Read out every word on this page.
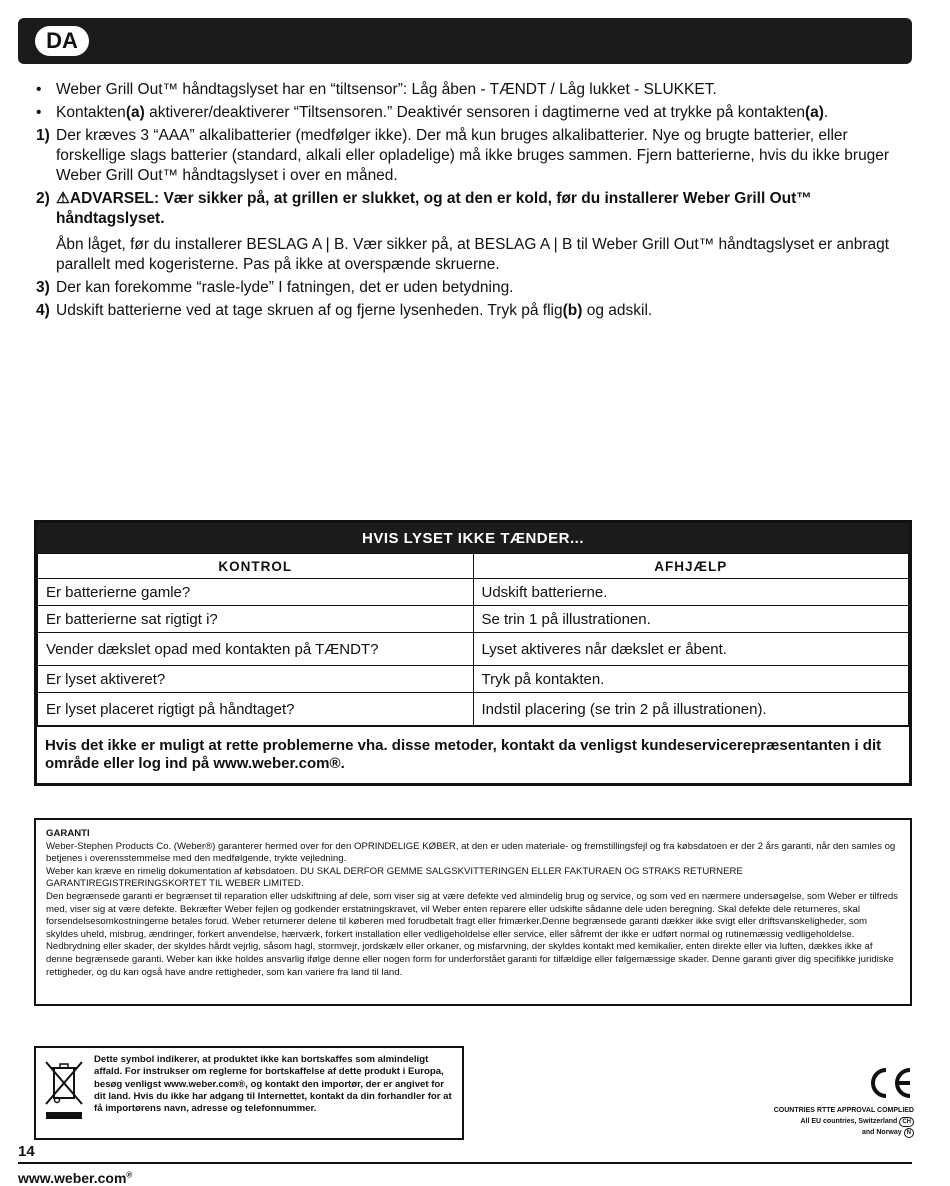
DA
• Weber Grill Out™ håndtagslyset har en “tiltsensor”: Låg åben - TÆNDT / Låg lukket - SLUKKET.
• Kontakten(a) aktiverer/deaktiverer “Tiltsensoren.” Deaktivér sensoren i dagtimerne ved at trykke på kontakten(a).
1) Der kræves 3 “AAA” alkalibatterier (medfølger ikke). Der må kun bruges alkalibatterier. Nye og brugte batterier, eller forskellige slags batterier (standard, alkali eller opladelige) må ikke bruges sammen. Fjern batterierne, hvis du ikke bruger Weber Grill Out™ håndtagslyset i over en måned.
2) ⚠ADVARSEL: Vær sikker på, at grillen er slukket, og at den er kold, før du installerer Weber Grill Out™ håndtagslyset.
Åbn låget, før du installerer BESLAG A | B. Vær sikker på, at BESLAG A | B til Weber Grill Out™ håndtagslyset er anbragt parallelt med kogeristerne. Pas på ikke at overspænde skruerne.
3) Der kan forekomme “rasle-lyde” I fatningen, det er uden betydning.
4) Udskift batterierne ved at tage skruen af og fjerne lysenheden. Tryk på flig(b) og adskil.
HVIS LYSET IKKE TÆNDER...
KONTROL	AFHJÆLP
Er batterierne gamle?	Udskift batterierne.
Er batterierne sat rigtigt i?	Se trin 1 på illustrationen.
Vender dækslet opad med kontakten på TÆNDT?	Lyset aktiveres når dækslet er åbent.
Er lyset aktiveret?	Tryk på kontakten.
Er lyset placeret rigtigt på håndtaget?	Indstil placering (se trin 2 på illustrationen).
Hvis det ikke er muligt at rette problemerne vha. disse metoder, kontakt da venligst kundeservicerepræsentanten i dit område eller log ind på www.weber.com®.
GARANTI
Weber-Stephen Products Co. (Weber®) garanterer hermed over for den OPRINDELIGE KØBER, at den er uden materiale- og fremstillingsfejl og fra købsdatoen er der 2 års garanti, når den samles og betjenes i overensstemmelse med den medfølgende, trykte vejledning.
Weber kan kræve en rimelig dokumentation af købsdatoen. DU SKAL DERFOR GEMME SALGSKVITTERINGEN ELLER FAKTURAEN OG STRAKS RETURNERE GARANTIREGISTRERINGSKORTET TIL WEBER LIMITED.
Den begrænsede garanti er begrænset til reparation eller udskiftning af dele, som viser sig at være defekte ved almindelig brug og service, og som ved en nærmere undersøgelse, som Weber er tilfreds med, viser sig at være defekte. Bekræfter Weber fejlen og godkender erstatningskravet, vil Weber enten reparere eller udskifte sådanne dele uden beregning. Skal defekte dele returneres, skal forsendelsesomkostningerne betales forud. Weber returnerer delene til køberen med forudbetalt fragt eller frimærker.Denne begrænsede garanti dækker ikke svigt eller driftsvanskeligheder, som skyldes uheld, misbrug, ændringer, forkert anvendelse, hærværk, forkert installation eller vedligeholdelse eller service, eller såfremt der ikke er udført normal og rutinemæssig vedligeholdelse. Nedbrydning eller skader, der skyldes hårdt vejrlig, såsom hagl, stormvejr, jordskælv eller orkaner, og misfarvning, der skyldes kontakt med kemikalier, enten direkte eller via luften, dækkes ikke af denne begrænsede garanti. Weber kan ikke holdes ansvarlig ifølge denne eller nogen form for underforstået garanti for tilfældige eller følgemæssige skader. Denne garanti giver dig specifikke juridiske rettigheder, og du kan også have andre rettigheder, som kan variere fra land til land.
Dette symbol indikerer, at produktet ikke kan bortskaffes som almindeligt affald. For instrukser om reglerne for bortskaffelse af dette produkt i Europa, besøg venligst www.weber.com®, og kontakt den importør, der er angivet for dit land. Hvis du ikke har adgang til Internettet, kontakt da din forhandler for at få importørens navn, adresse og telefonnummer.	COUNTRIES RTTE APPROVAL COMPLIED
All EU countries, Switzerland CH
and Norway N
14
www.weber.com®
